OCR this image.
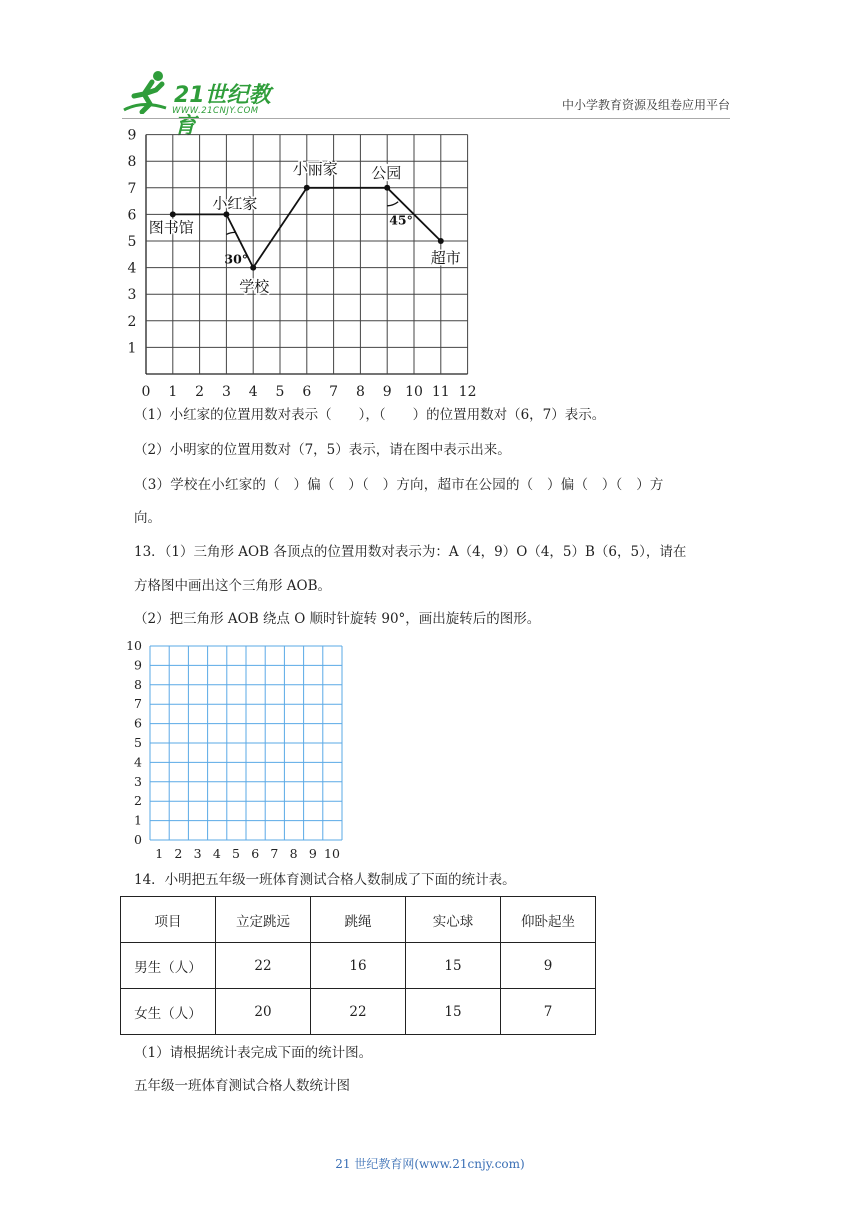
21世纪教育
WWW.21CNJY.COM	中小学教育资源及组卷应用平台
0 1 2 3 4 5 6 7 8 9 10 11 12
1
2
3
4
5
6
7
8
9
30°
45°
图书馆
小红家
学校
小丽家 公园
超市
（1）小红家的位置用数对表示（　　），（　　）的位置用数对（6，7）表示。
（2）小明家的位置用数对（7，5）表示，请在图中表示出来。
（3）学校在小红家的（　）偏（　）（　）方向，超市在公园的（　）偏（　）（　）方
向。
13．（1）三角形 AOB 各顶点的位置用数对表示为：A（4，9）O（4，5）B（6，5），请在
方格图中画出这个三角形 AOB。
（2）把三角形 AOB 绕点 O 顺时针旋转 90°，画出旋转后的图形。
1 2 3 4 5 6 7 8 9 10
0
1
2
3
4
5
6
7
8
9
10
14．小明把五年级一班体育测试合格人数制成了下面的统计表。
项目	立定跳远	跳绳	实心球	仰卧起坐
男生（人）	22	16	15	9
女生（人）	20	22	15	7
（1）请根据统计表完成下面的统计图。
五年级一班体育测试合格人数统计图
21 世纪教育网(www.21cnjy.com)
